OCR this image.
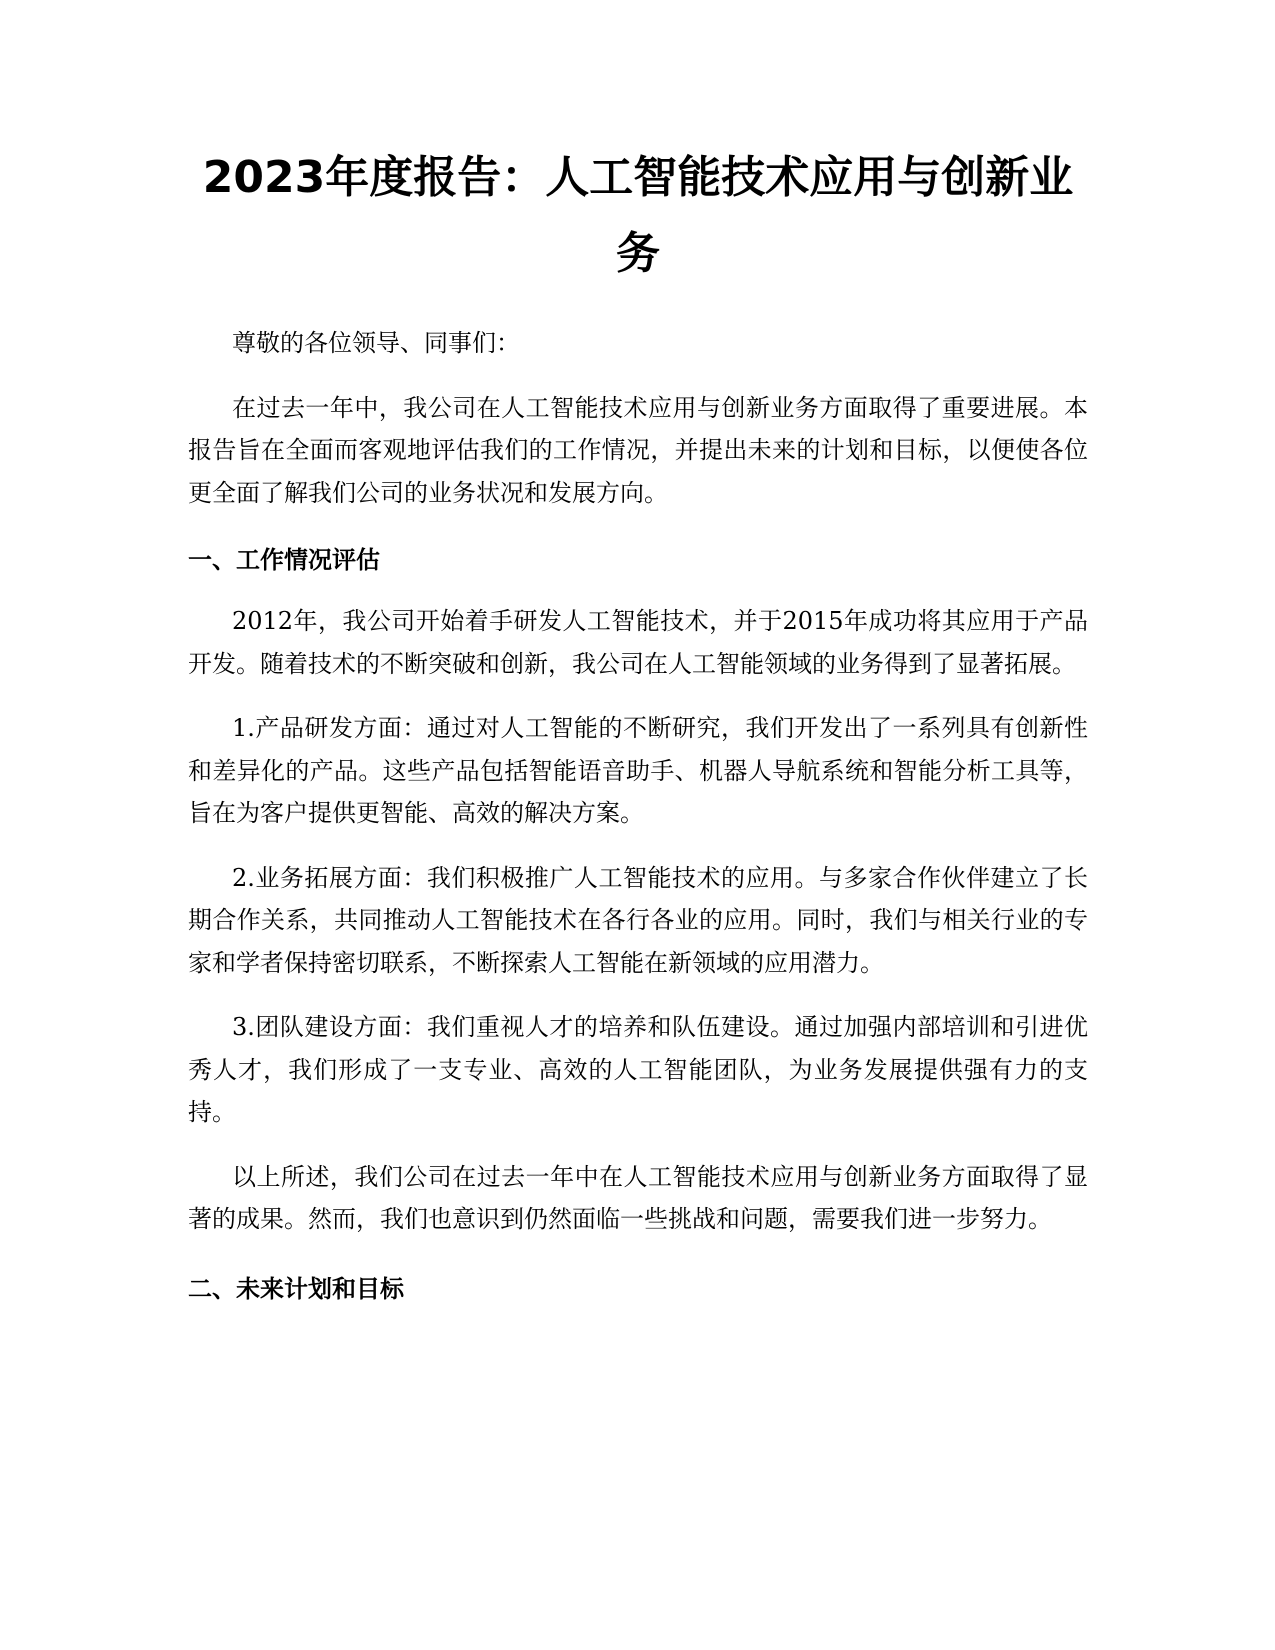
2023年度报告：人工智能技术应用与创新业务

尊敬的各位领导、同事们：

在过去一年中，我公司在人工智能技术应用与创新业务方面取得了重要进展。本报告旨在全面而客观地评估我们的工作情况，并提出未来的计划和目标，以便使各位更全面了解我们公司的业务状况和发展方向。

一、工作情况评估

2012年，我公司开始着手研发人工智能技术，并于2015年成功将其应用于产品开发。随着技术的不断突破和创新，我公司在人工智能领域的业务得到了显著拓展。

1.产品研发方面：通过对人工智能的不断研究，我们开发出了一系列具有创新性和差异化的产品。这些产品包括智能语音助手、机器人导航系统和智能分析工具等，旨在为客户提供更智能、高效的解决方案。

2.业务拓展方面：我们积极推广人工智能技术的应用。与多家合作伙伴建立了长期合作关系，共同推动人工智能技术在各行各业的应用。同时，我们与相关行业的专家和学者保持密切联系，不断探索人工智能在新领域的应用潜力。

3.团队建设方面：我们重视人才的培养和队伍建设。通过加强内部培训和引进优秀人才，我们形成了一支专业、高效的人工智能团队，为业务发展提供强有力的支持。

以上所述，我们公司在过去一年中在人工智能技术应用与创新业务方面取得了显著的成果。然而，我们也意识到仍然面临一些挑战和问题，需要我们进一步努力。

二、未来计划和目标
